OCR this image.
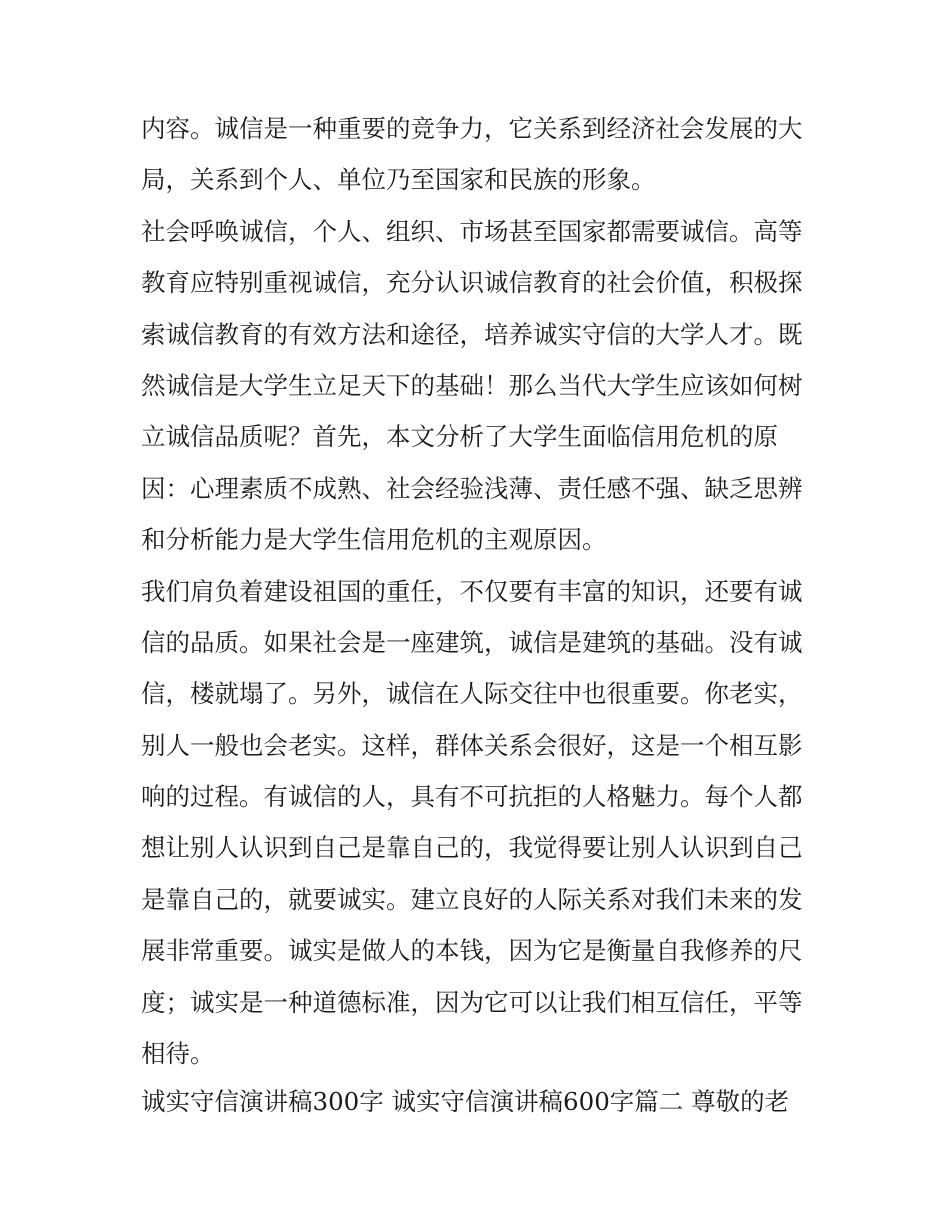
内容。诚信是一种重要的竞争力，它关系到经济社会发展的大
局，关系到个人、单位乃至国家和民族的形象。
社会呼唤诚信，个人、组织、市场甚至国家都需要诚信。高等
教育应特别重视诚信，充分认识诚信教育的社会价值，积极探
索诚信教育的有效方法和途径，培养诚实守信的大学人才。既
然诚信是大学生立足天下的基础！那么当代大学生应该如何树
立诚信品质呢？首先，本文分析了大学生面临信用危机的原
因：心理素质不成熟、社会经验浅薄、责任感不强、缺乏思辨
和分析能力是大学生信用危机的主观原因。
我们肩负着建设祖国的重任，不仅要有丰富的知识，还要有诚
信的品质。如果社会是一座建筑，诚信是建筑的基础。没有诚
信，楼就塌了。另外，诚信在人际交往中也很重要。你老实，
别人一般也会老实。这样，群体关系会很好，这是一个相互影
响的过程。有诚信的人，具有不可抗拒的人格魅力。每个人都
想让别人认识到自己是靠自己的，我觉得要让别人认识到自己
是靠自己的，就要诚实。建立良好的人际关系对我们未来的发
展非常重要。诚实是做人的本钱，因为它是衡量自我修养的尺
度；诚实是一种道德标准，因为它可以让我们相互信任，平等
相待。
诚实守信演讲稿300字 诚实守信演讲稿600字篇二 尊敬的老
